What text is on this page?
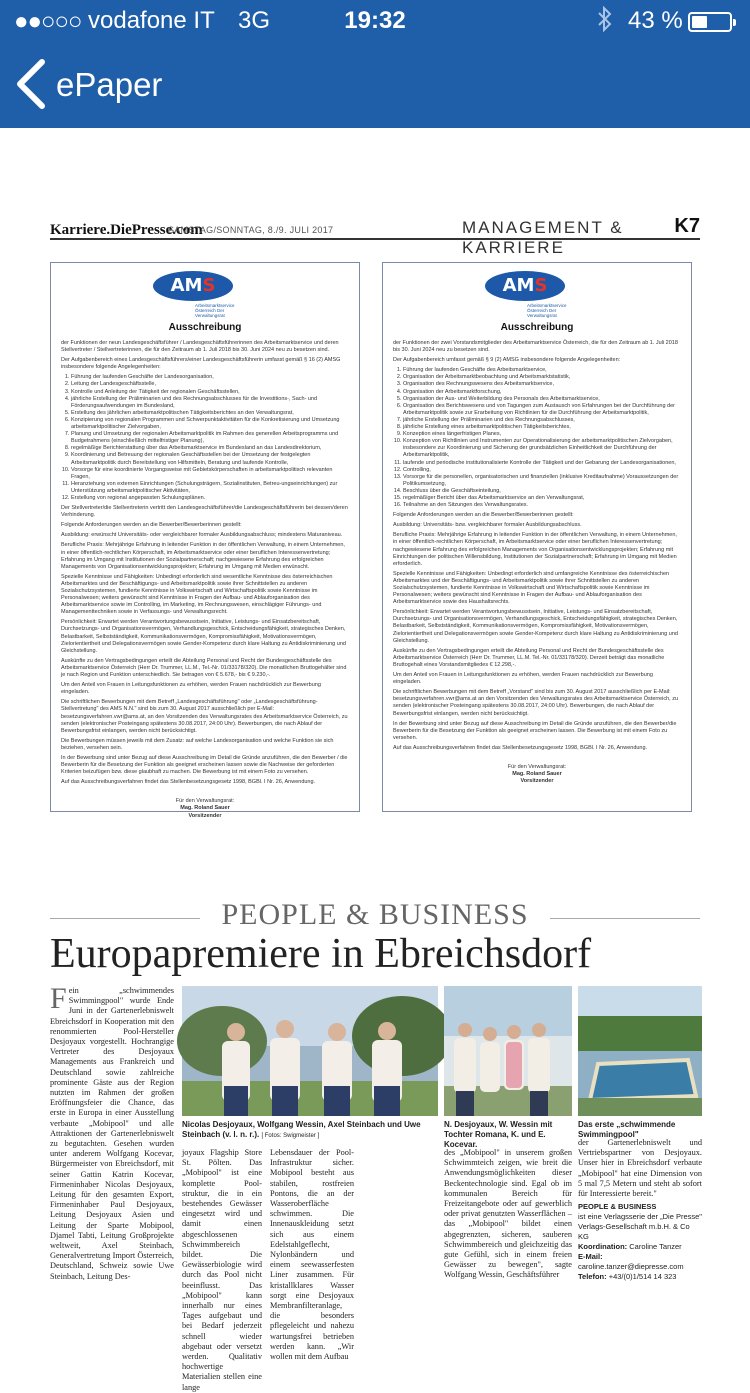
●●○○○ vodafone IT 3G	19:32	43 %
ePaper
Karriere.DiePresse.com
SAMSTAG/SONNTAG, 8./9. JULI 2017	MANAGEMENT & KARRIERE
K7
AMS
Arbeitsmarktservice Österreich Der Verwaltungsrat
Ausschreibung

der Funktionen der neun Landesgeschäftsführer / Landesgeschäftsführerinnen des Arbeitsmarktservice und deren Stellvertreter / Stellvertreterinnen, die für den Zeitraum ab 1. Juli 2018 bis 30. Juni 2024 neu zu besetzen sind.

Der Aufgabenbereich eines Landesgeschäftsführers/einer Landesgeschäftsführerin umfasst gemäß § 16 (2) AMSG insbesondere folgende Angelegenheiten:

1. Führung der laufenden Geschäfte der Landesorganisation,
2. Leitung der Landesgeschäftsstelle,
3. Kontrolle und Anleitung der Tätigkeit der regionalen Geschäftsstellen,
4. jährliche Erstellung der Präliminarien und des Rechnungsabschlusses für die Investitions-, Sach- und Förderungsaufwendungen im Bundesland,
5. Erstellung des jährlichen arbeitsmarktpolitischen Tätigkeitsberichtes an den Verwaltungsrat,
6. Konzipierung von regionalen Programmen und Schwerpunktaktivitäten für die Konkretisierung und Umsetzung arbeitsmarktpolitischer Zielvorgaben,
7. Planung und Umsetzung der regionalen Arbeitsmarktpolitik im Rahmen des generellen Arbeitsprogramms und Budgetrahmens (einschließlich mittelfristiger Planung),
8. regelmäßige Berichterstattung über das Arbeitsmarktservice im Bundesland an das Landesdirektorium,
9. Koordinierung und Betreuung der regionalen Geschäftsstellen bei der Umsetzung der festgelegten Arbeitsmarktpolitik durch Bereitstellung von Hilfsmitteln, Beratung und laufende Kontrolle,
10. Vorsorge für eine koordinierte Vorgangsweise mit Gebietskörperschaften in arbeitsmarktpolitisch relevanten Fragen,
11. Heranziehung von externen Einrichtungen (Schulungsträgern, Sozialinstituten, Betreu-ungseinrichtungen) zur Unterstützung arbeitsmarktpolitischer Aktivitäten,
12. Erstellung von regional angepassten Schulungsplänen.

Der Stellvertreter/die Stellvertreterin vertritt den Landesgeschäftsführer/die Landesgeschäftsführerin bei dessen/deren Verhinderung.

Folgende Anforderungen werden an die Bewerber/Bewerberinnen gestellt:

Ausbildung: erwünscht Universitäts- oder vergleichbarer formaler Ausbildungsabschluss; mindestens Maturaniveau.

Berufliche Praxis: Mehrjährige Erfahrung in leitender Funktion in der öffentlichen Verwaltung, in einem Unternehmen, in einer öffentlich-rechtlichen Körperschaft, im Arbeitsmarktservice oder einer beruflichen Interessenvertretung; Erfahrung im Umgang mit Institutionen der Sozialpartnerschaft; nachgewiesene Erfahrung des erfolgreichen Managements von Organisationsentwicklungsprojekten; Erfahrung im Umgang mit Medien erwünscht.

Spezielle Kenntnisse und Fähigkeiten: Unbedingt erforderlich sind wesentliche Kenntnisse des österreichischen Arbeitsmarktes und der Beschäftigungs- und Arbeitsmarktpolitik sowie ihrer Schnittstellen zu anderen Sozialschutzsystemen, fundierte Kenntnisse in Volkswirtschaft und Wirtschaftspolitik sowie Kenntnisse im Personalwesen; weiters gewünscht sind Kenntnisse in Fragen der Aufbau- und Ablauforganisation des Arbeitsmarktservice sowie im Controlling, im Marketing, im Rechnungswesen, einschlägiger Führungs- und Managementtechniken sowie in Verfassungs- und Verwaltungsrecht.

Persönlichkeit: Erwartet werden Verantwortungsbewusstsein, Initiative, Leistungs- und Einsatzbereitschaft, Durchsetzungs- und Organisationsvermögen, Verhandlungsgeschick, Entscheidungsfähigkeit, strategisches Denken, Belastbarkeit, Selbstständigkeit, Kommunikationsvermögen, Kompromissfähigkeit, Motivationsvermögen, Zielorientiertheit und Delegationsvermögen sowie Gender-Kompetenz durch klare Haltung zu Antidiskriminierung und Gleichstellung.

Auskünfte zu den Vertragsbedingungen erteilt die Abteilung Personal und Recht der Bundesgeschäftsstelle des Arbeitsmarktservice Österreich (Herr Dr. Trummer, LL.M., Tel.-Nr. 01/33178/320). Die monatlichen Bruttogehälter sind je nach Region und Funktion unterschiedlich. Sie betragen von € 5.678,- bis € 9.230,-.

Um den Anteil von Frauen in Leitungsfunktionen zu erhöhen, werden Frauen nachdrücklich zur Bewerbung eingeladen.

Die schriftlichen Bewerbungen mit dem Betreff „Landesgeschäftsführung" oder „Landesgeschäftsführung-Stellvertretung" des AMS N.N." sind bis zum 30. August 2017 ausschließlich per E-Mail: besetzungsverfahren.vwr@ams.at, an den Vorsitzenden des Verwaltungsrates des Arbeitsmarktservice Österreich, zu senden (elektronischer Posteingang spätestens 30.08.2017, 24:00 Uhr). Bewerbungen, die nach Ablauf der Bewerbungsfrist einlangen, werden nicht berücksichtigt.

Die Bewerbungen müssen jeweils mit dem Zusatz: auf welche Landesorganisation und welche Funktion sie sich beziehen, versehen sein.

In der Bewerbung sind unter Bezug auf diese Ausschreibung im Detail die Gründe anzuführen, die den Bewerber / die Bewerberin für die Besetzung der Funktion als geeignet erscheinen lassen sowie die Nachweise der geforderten Kriterien beizufügen bzw. diese glaubhaft zu machen. Die Bewerbung ist mit einem Foto zu versehen.

Auf das Ausschreibungsverfahren findet das Stellenbesetzungsgesetz 1998, BGBl. I Nr. 26, Anwendung.

Für den Verwaltungsrat:
Mag. Roland Sauer
Vorsitzender
AMS
Arbeitsmarktservice Österreich Der Verwaltungsrat
Ausschreibung

der Funktionen der zwei Vorstandsmitglieder des Arbeitsmarktservice Österreich, die für den Zeitraum ab 1. Juli 2018 bis 30. Juni 2024 neu zu besetzen sind.

Der Aufgabenbereich umfasst gemäß § 9 (2) AMSG insbesondere folgende Angelegenheiten:

1. Führung der laufenden Geschäfte des Arbeitsmarktservice,
2. Organisation der Arbeitsmarktbeobachtung und Arbeitsmarktstatistik,
3. Organisation des Rechnungswesens des Arbeitsmarktservice,
4. Organisation der Arbeitsmarktforschung,
5. Organisation der Aus- und Weiterbildung des Personals des Arbeitsmarktservice,
6. Organisation des Berichtswesens und von Tagungen zum Austausch von Erfahrungen bei der Durchführung der Arbeitsmarktpolitik sowie zur Erarbeitung von Richtlinien für die Durchführung der Arbeitsmarktpolitik,
7. jährliche Erstellung der Präliminarien und des Rechnungsabschlusses,
8. jährliche Erstellung eines arbeitsmarktpolitischen Tätigkeitsberichtes,
9. Konzeption eines längerfristigen Planes,
10. Konzeption von Richtlinien und Instrumenten zur Operationalisierung der arbeitsmarktpolitischen Zielvorgaben, insbesondere zur Koordinierung und Sicherung der grundsätzlichen Einheitlichkeit der Durchführung der Arbeitsmarktpolitik,
11. laufende und periodische institutionalisierte Kontrolle der Tätigkeit und der Gebarung der Landesorganisationen,
12. Controlling,
13. Vorsorge für die personellen, organisatorischen und finanziellen (inklusive Kreditaufnahme) Voraussetzungen der Politikumsetzung,
14. Beschluss über die Geschäftseinteilung,
15. regelmäßiger Bericht über das Arbeitsmarktservice an den Verwaltungsrat,
16. Teilnahme an den Sitzungen des Verwaltungsrates.

Folgende Anforderungen werden an die Bewerber/Bewerberinnen gestellt:

Ausbildung: Universitäts- bzw. vergleichbarer formaler Ausbildungsabschluss.

Berufliche Praxis: Mehrjährige Erfahrung in leitender Funktion in der öffentlichen Verwaltung, in einem Unternehmen, in einer öffentlich-rechtlichen Körperschaft, im Arbeitsmarktservice oder einer beruflichen Interessenvertretung; nachgewiesene Erfahrung des erfolgreichen Managements von Organisationsentwicklungsprojekten; Erfahrung mit Einrichtungen der politischen Willensbildung, Institutionen der Sozialpartnerschaft; Erfahrung im Umgang mit Medien erforderlich.

Spezielle Kenntnisse und Fähigkeiten: Unbedingt erforderlich sind umfangreiche Kenntnisse des österreichischen Arbeitsmarktes und der Beschäftigungs- und Arbeitsmarktpolitik sowie ihrer Schnittstellen zu anderen Sozialschutzsystemen, fundierte Kenntnisse in Volkswirtschaft und Wirtschaftspolitik sowie Kenntnisse im Personalwesen; weiters gewünscht sind Kenntnisse in Fragen der Aufbau- und Ablauforganisation des Arbeitsmarktservice sowie des Haushaltsrechts.

Persönlichkeit: Erwartet werden Verantwortungsbewusstsein, Initiative, Leistungs- und Einsatzbereitschaft, Durchsetzungs- und Organisationsvermögen, Verhandlungsgeschick, Entscheidungsfähigkeit, strategisches Denken, Belastbarkeit, Selbstständigkeit, Kommunikationsvermögen, Kompromissfähigkeit, Motivationsvermögen, Zielorientiertheit und Delegationsvermögen sowie Gender-Kompetenz durch klare Haltung zu Antidiskriminierung und Gleichstellung.

Auskünfte zu den Vertragsbedingungen erteilt die Abteilung Personal und Recht der Bundesgeschäftsstelle des Arbeitsmarktservice Österreich (Herr Dr. Trummer, LL.M. Tel.-Nr. 01/33178/320). Derzeit beträgt das monatliche Bruttogehalt eines Vorstandsmitgliedes € 12.298,-.

Um den Anteil von Frauen in Leitungsfunktionen zu erhöhen, werden Frauen nachdrücklich zur Bewerbung eingeladen.

Die schriftlichen Bewerbungen mit dem Betreff „Vorstand" sind bis zum 30. August 2017 ausschließlich per E-Mail: besetzungsverfahren.vwr@ams.at an den Vorsitzenden des Verwaltungsrates des Arbeitsmarktservice Österreich, zu senden (elektronischer Posteingang spätestens 30.08.2017, 24:00 Uhr). Bewerbungen, die nach Ablauf der Bewerbungsfrist einlangen, werden nicht berücksichtigt.

In der Bewerbung sind unter Bezug auf diese Ausschreibung im Detail die Gründe anzuführen, die den Bewerber/die Bewerberin für die Besetzung der Funktion als geeignet erscheinen lassen. Die Bewerbung ist mit einem Foto zu versehen.

Auf das Ausschreibungsverfahren findet das Stellenbesetzungsgesetz 1998, BGBl. I Nr. 26, Anwendung.

Für den Verwaltungsrat:
Mag. Roland Sauer
Vorsitzender
PEOPLE & BUSINESS
Europapremiere in Ebreichsdorf
Fein „schwimmendes Swimmingpool" wurde Ende Juni in der Gartenerlebniswelt Ebreichsdorf in Kooperation mit den renommierten Pool-Hersteller Desjoyaux vorgestellt. Hochrangige Vertreter des Desjoyaux Managements aus Frankreich und Deutschland sowie zahlreiche prominente Gäste aus der Region nutzten im Rahmen der großen Eröffnungsfeier die Chance, das erste in Europa in einer Ausstellung verbaute „Mobipool" und alle Attraktionen der Gartenerlebniswelt zu begutachten. Gesehen wurden unter anderem Wolfgang Kocevar, Bürgermeister von Ebreichsdorf, mit seiner Gattin Katrin Kocevar, Firmeninhaber Nicolas Desjoyaux, Leitung für den gesamten Export, Firmeninhaber Paul Desjoyaux, Leitung Desjoyaux Asien und Leitung der Sparte Mobipool, Djamel Tabti, Leitung Großprojekte weltweit, Axel Steinbach, Generalvertretung Import Österreich, Deutschland, Schweiz sowie Uwe Steinbach, Leitung Des-
Nicolas Desjoyaux, Wolfgang Wessin, Axel Steinbach und Uwe Steinbach (v. l. n. r.). [ Fotos: Swigmeister ]
N. Desjoyaux, W. Wessin mit Tochter Romana, K. und E. Kocevar.
Das erste „schwimmende Swimmingpool"
joyaux Flagship Store St. Pölten. Das „Mobipool" ist eine komplette Pool-struktur, die in ein bestehendes Gewässer eingesetzt wird und damit einen abgeschlossenen Schwimmbereich bildet. Die Gewässerbiologie wird durch das Pool nicht beeinflusst. Das „Mobipool" kann innerhalb nur eines Tages aufgebaut und bei Bedarf jederzeit schnell wieder abgebaut oder versetzt werden. Qualitativ hochwertige Materialien stellen eine lange
Lebensdauer der Pool-Infrastruktur sicher. Mobipool besteht aus stabilen, rostfreien Pontons, die an der Wasseroberfläche schwimmen. Die Innenauskleidung setzt sich aus einem Edelstahlgeflecht, Nylonbändern und einem seewasserfesten Liner zusammen. Für kristallklares Wasser sorgt eine Desjoyaux Membranfilteranlage, die besonders pflegeleicht und nahezu wartungsfrei betrieben werden kann. „Wir wollen mit dem Aufbau
des „Mobipool" in unserem großen Schwimmteich zeigen, wie breit die Anwendungsmöglichkeiten dieser Beckentechnologie sind. Egal ob im kommunalen Bereich für Freizeitangebote oder auf gewerblich oder privat genutzten Wasserflächen – das „Mobipool" bildet einen abgegrenzten, sicheren, sauberen Schwimmbereich und gleichzeitig das gute Gefühl, sich in einem freien Gewässer zu bewegen", sagte Wolfgang Wessin, Geschäftsführer
der Gartenerlebniswelt und Vertriebspartner von Desjoyaux. Unser hier in Ebreichsdorf verbaute „Mobipool" hat eine Dimension von 5 mal 7,5 Metern und steht ab sofort für Interessierte bereit."
PEOPLE & BUSINESS
ist eine Verlagsserie der „Die Presse" Verlags-Gesellschaft m.b.H. & Co KG
Koordination: Caroline Tanzer
E-Mail: caroline.tanzer@diepresse.com
Telefon: +43/(0)1/514 14 323
